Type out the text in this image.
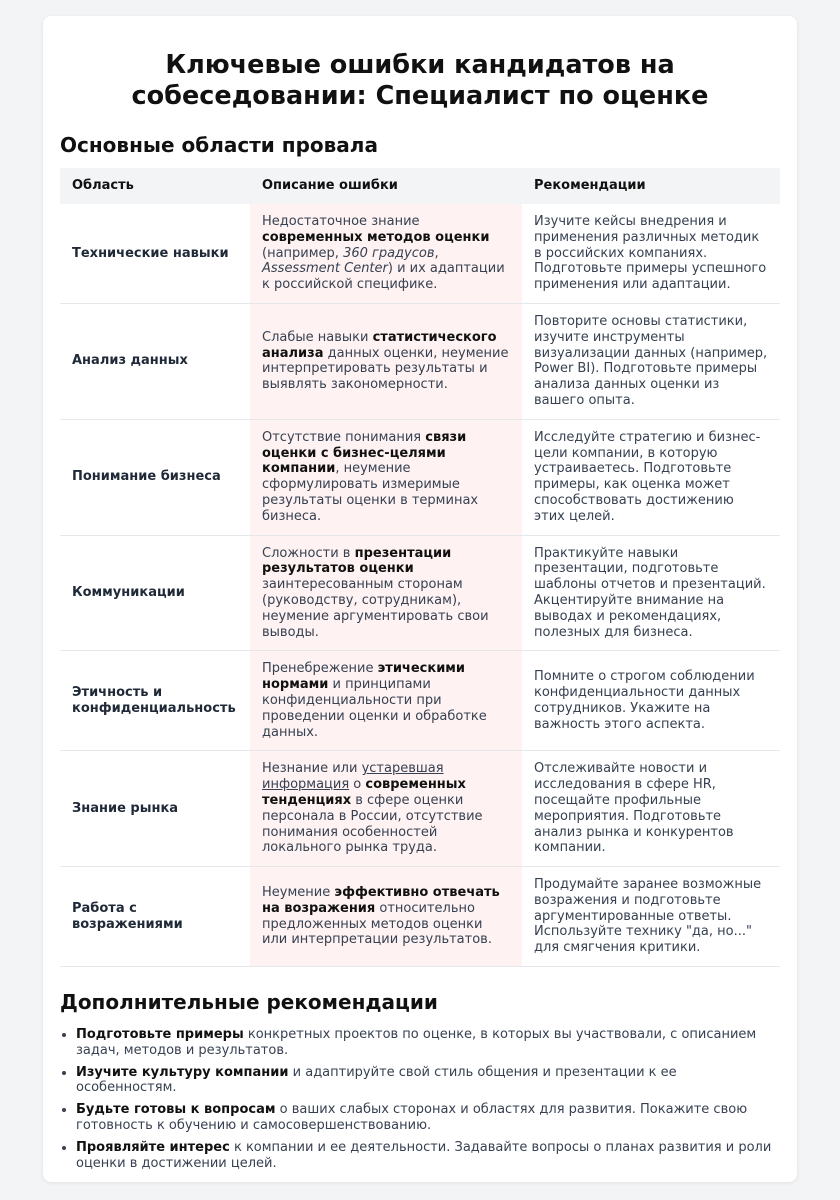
Ключевые ошибки кандидатов на собеседовании: Специалист по оценке
Основные области провала
Область	Описание ошибки	Рекомендации
Технические навыки	Недостаточное знание современных методов оценки (например, 360 градусов, Assessment Center) и их адаптации к российской специфике.	Изучите кейсы внедрения и применения различных методик в российских компаниях. Подготовьте примеры успешного применения или адаптации.
Анализ данных	Слабые навыки статистического анализа данных оценки, неумение интерпретировать результаты и выявлять закономерности.	Повторите основы статистики, изучите инструменты визуализации данных (например, Power BI). Подготовьте примеры анализа данных оценки из вашего опыта.
Понимание бизнеса	Отсутствие понимания связи оценки с бизнес-целями компании, неумение сформулировать измеримые результаты оценки в терминах бизнеса.	Исследуйте стратегию и бизнес-цели компании, в которую устраиваетесь. Подготовьте примеры, как оценка может способствовать достижению этих целей.
Коммуникации	Сложности в презентации результатов оценки заинтересованным сторонам (руководству, сотрудникам), неумение аргументировать свои выводы.	Практикуйте навыки презентации, подготовьте шаблоны отчетов и презентаций. Акцентируйте внимание на выводах и рекомендациях, полезных для бизнеса.
Этичность и конфиденциальность	Пренебрежение этическими нормами и принципами конфиденциальности при проведении оценки и обработке данных.	Помните о строгом соблюдении конфиденциальности данных сотрудников. Укажите на важность этого аспекта.
Знание рынка	Незнание или устаревшая информация о современных тенденциях в сфере оценки персонала в России, отсутствие понимания особенностей локального рынка труда.	Отслеживайте новости и исследования в сфере HR, посещайте профильные мероприятия. Подготовьте анализ рынка и конкурентов компании.
Работа с возражениями	Неумение эффективно отвечать на возражения относительно предложенных методов оценки или интерпретации результатов.	Продумайте заранее возможные возражения и подготовьте аргументированные ответы. Используйте технику "да, но..." для смягчения критики.
Дополнительные рекомендации
• Подготовьте примеры конкретных проектов по оценке, в которых вы участвовали, с описанием задач, методов и результатов.
• Изучите культуру компании и адаптируйте свой стиль общения и презентации к ее особенностям.
• Будьте готовы к вопросам о ваших слабых сторонах и областях для развития. Покажите свою готовность к обучению и самосовершенствованию.
• Проявляйте интерес к компании и ее деятельности. Задавайте вопросы о планах развития и роли оценки в достижении целей.
